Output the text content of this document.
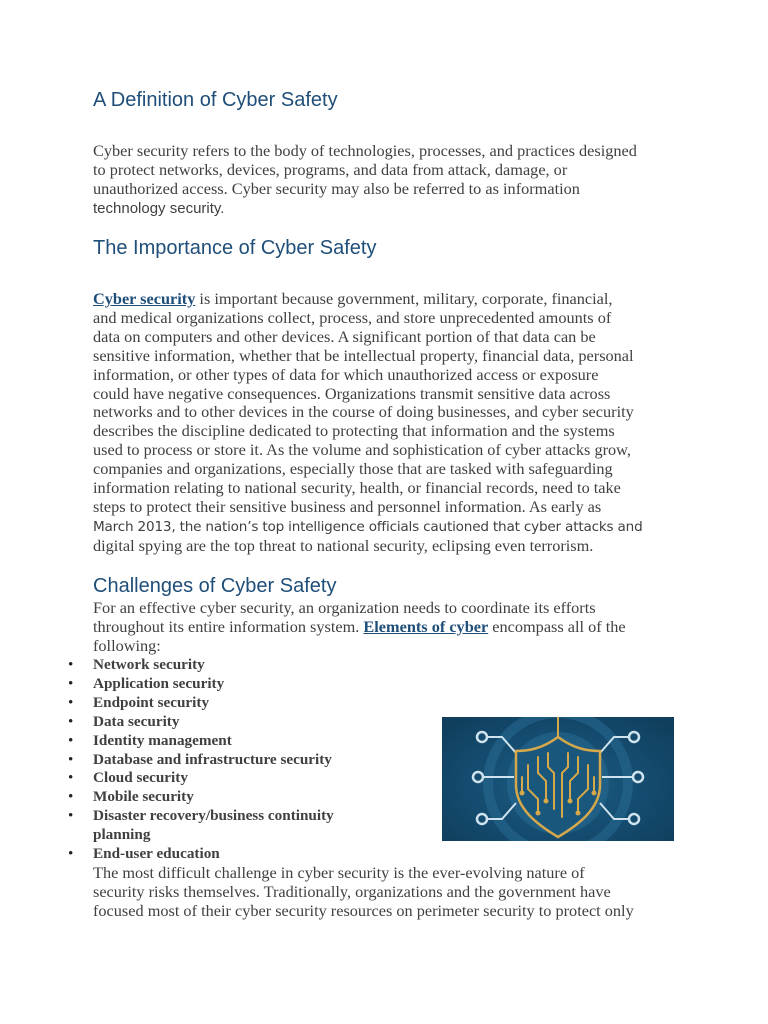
A Definition of Cyber Safety

Cyber security refers to the body of technologies, processes, and practices designed
to protect networks, devices, programs, and data from attack, damage, or
unauthorized access. Cyber security may also be referred to as information
technology security.

The Importance of Cyber Safety

Cyber security is important because government, military, corporate, financial,
and medical organizations collect, process, and store unprecedented amounts of
data on computers and other devices. A significant portion of that data can be
sensitive information, whether that be intellectual property, financial data, personal
information, or other types of data for which unauthorized access or exposure
could have negative consequences. Organizations transmit sensitive data across
networks and to other devices in the course of doing businesses, and cyber security
describes the discipline dedicated to protecting that information and the systems
used to process or store it. As the volume and sophistication of cyber attacks grow,
companies and organizations, especially those that are tasked with safeguarding
information relating to national security, health, or financial records, need to take
steps to protect their sensitive business and personnel information. As early as
March 2013, the nation’s top intelligence officials cautioned that cyber attacks and
digital spying are the top threat to national security, eclipsing even terrorism.

Challenges of Cyber Safety

For an effective cyber security, an organization needs to coordinate its efforts
throughout its entire information system. Elements of cyber encompass all of the
following:

• Network security
• Application security
• Endpoint security
• Data security
• Identity management
• Database and infrastructure security
• Cloud security
• Mobile security
• Disaster recovery/business continuity planning
• End-user education

The most difficult challenge in cyber security is the ever-evolving nature of
security risks themselves. Traditionally, organizations and the government have
focused most of their cyber security resources on perimeter security to protect only
